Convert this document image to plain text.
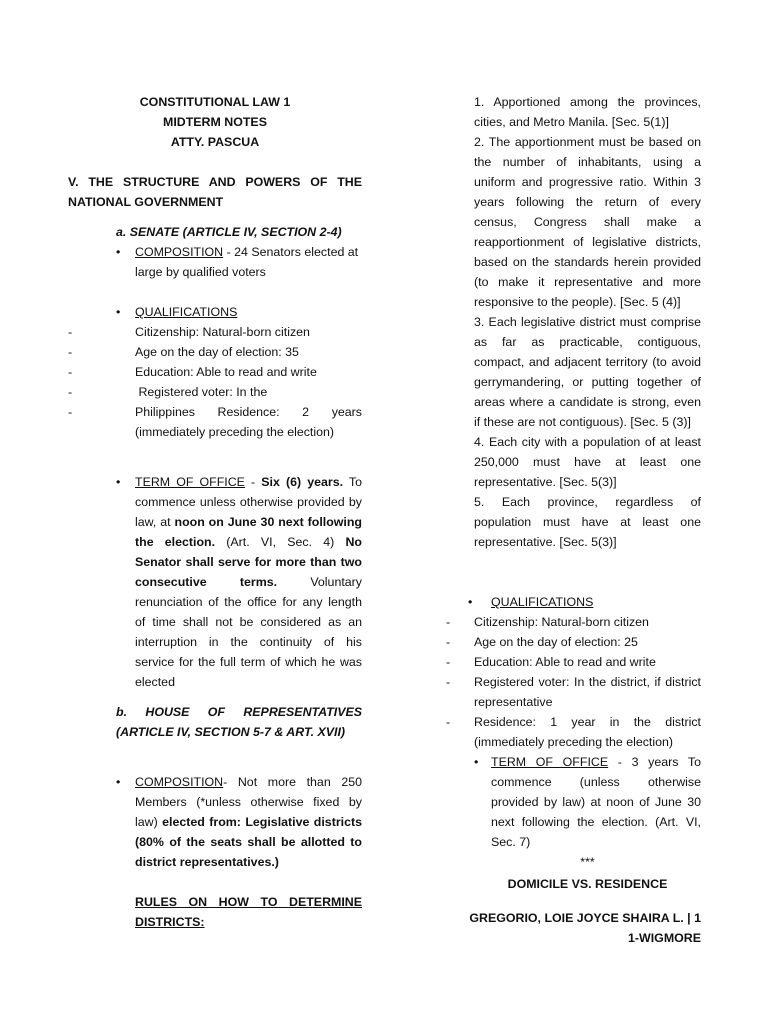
CONSTITUTIONAL LAW 1
MIDTERM NOTES
ATTY. PASCUA
V. THE STRUCTURE AND POWERS OF THE NATIONAL GOVERNMENT
a. SENATE (ARTICLE IV, SECTION 2-4)
• COMPOSITION - 24 Senators elected at large by qualified voters
• QUALIFICATIONS
-	Citizenship: Natural-born citizen
-	Age on the day of election: 35
-	Education: Able to read and write
-	Registered voter: In the
-	Philippines Residence: 2 years (immediately preceding the election)
• TERM OF OFFICE - Six (6) years. To commence unless otherwise provided by law, at noon on June 30 next following the election. (Art. VI, Sec. 4) No Senator shall serve for more than two consecutive terms. Voluntary renunciation of the office for any length of time shall not be considered as an interruption in the continuity of his service for the full term of which he was elected
b. HOUSE OF REPRESENTATIVES (ARTICLE IV, SECTION 5-7 & ART. XVII)
• COMPOSITION- Not more than 250 Members (*unless otherwise fixed by law) elected from: Legislative districts (80% of the seats shall be allotted to district representatives.)
RULES ON HOW TO DETERMINE DISTRICTS:
1. Apportioned among the provinces, cities, and Metro Manila. [Sec. 5(1)]
2. The apportionment must be based on the number of inhabitants, using a uniform and progressive ratio. Within 3 years following the return of every census, Congress shall make a reapportionment of legislative districts, based on the standards herein provided (to make it representative and more responsive to the people). [Sec. 5 (4)]
3. Each legislative district must comprise as far as practicable, contiguous, compact, and adjacent territory (to avoid gerrymandering, or putting together of areas where a candidate is strong, even if these are not contiguous). [Sec. 5 (3)]
4. Each city with a population of at least 250,000 must have at least one representative. [Sec. 5(3)]
5. Each province, regardless of population must have at least one representative. [Sec. 5(3)]
• QUALIFICATIONS
- Citizenship: Natural-born citizen
- Age on the day of election: 25
- Education: Able to read and write
- Registered voter: In the district, if district representative
- Residence: 1 year in the district (immediately preceding the election)
• TERM OF OFFICE - 3 years To commence (unless otherwise provided by law) at noon of June 30 next following the election. (Art. VI, Sec. 7)
***
DOMICILE VS. RESIDENCE
GREGORIO, LOIE JOYCE SHAIRA L. | 1
1-WIGMORE
